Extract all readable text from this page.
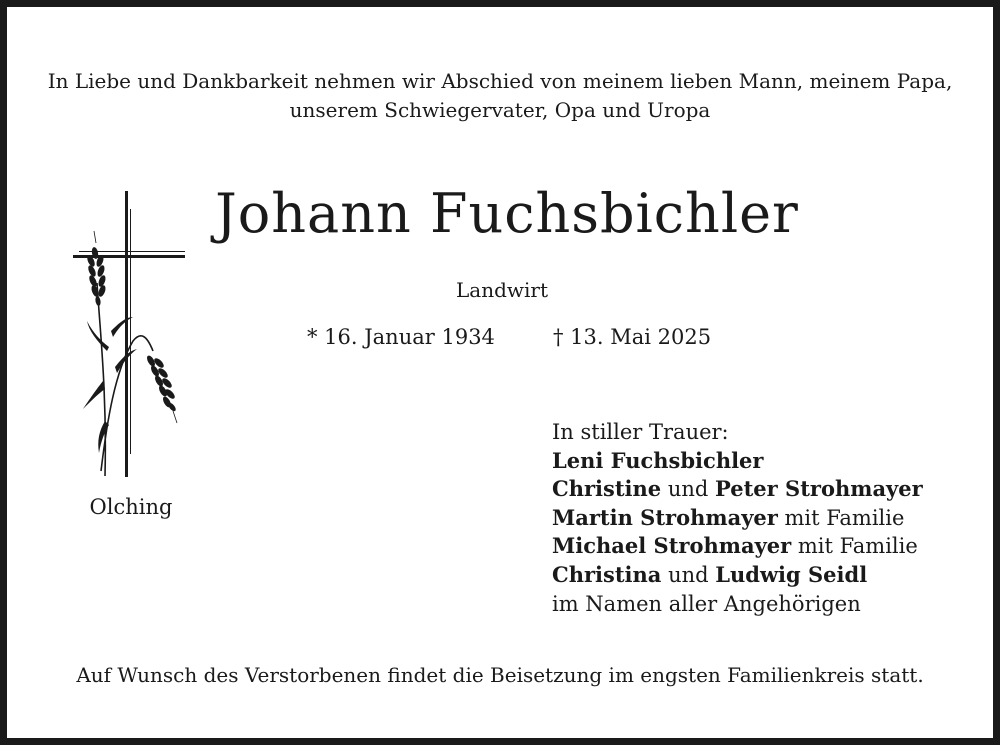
In Liebe und Dankbarkeit nehmen wir Abschied von meinem lieben Mann, meinem Papa,
unserem Schwiegervater, Opa und Uropa
Johann Fuchsbichler
Landwirt
* 16. Januar 1934	† 13. Mai 2025
Olching
In stiller Trauer:
Leni Fuchsbichler
Christine und Peter Strohmayer
Martin Strohmayer mit Familie
Michael Strohmayer mit Familie
Christina und Ludwig Seidl
im Namen aller Angehörigen
Auf Wunsch des Verstorbenen findet die Beisetzung im engsten Familienkreis statt.
